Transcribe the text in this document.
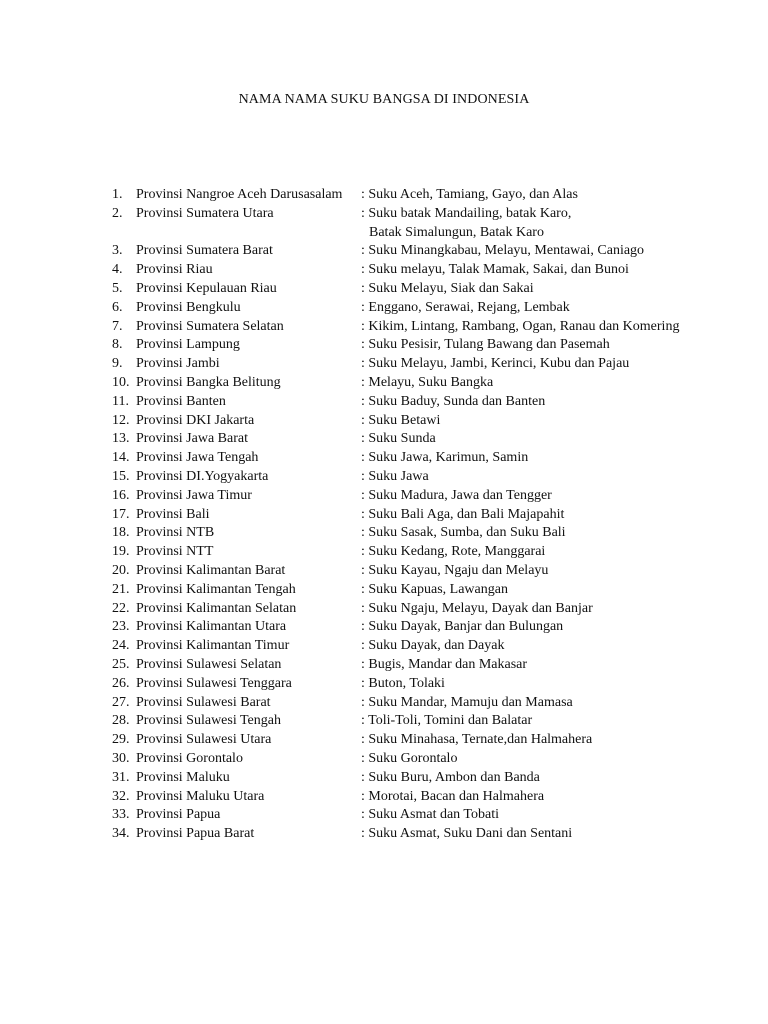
NAMA NAMA SUKU BANGSA DI INDONESIA
1. Provinsi Nangroe Aceh Darusasalam : Suku Aceh, Tamiang, Gayo, dan Alas
2. Provinsi Sumatera Utara	: Suku batak Mandailing, batak Karo,
Batak Simalungun, Batak Karo
3. Provinsi Sumatera Barat	: Suku Minangkabau, Melayu, Mentawai, Caniago
4. Provinsi Riau	: Suku melayu, Talak Mamak, Sakai, dan Bunoi
5. Provinsi Kepulauan Riau	: Suku Melayu, Siak dan Sakai
6. Provinsi Bengkulu	: Enggano, Serawai, Rejang, Lembak
7. Provinsi Sumatera Selatan	: Kikim, Lintang, Rambang, Ogan, Ranau dan Komering
8. Provinsi Lampung	: Suku Pesisir, Tulang Bawang dan Pasemah
9. Provinsi Jambi	: Suku Melayu, Jambi, Kerinci, Kubu dan Pajau
10. Provinsi Bangka Belitung	: Melayu, Suku Bangka
11. Provinsi Banten	: Suku Baduy, Sunda dan Banten
12. Provinsi DKI Jakarta	: Suku Betawi
13. Provinsi Jawa Barat	: Suku Sunda
14. Provinsi Jawa Tengah	: Suku Jawa, Karimun, Samin
15. Provinsi DI.Yogyakarta	: Suku Jawa
16. Provinsi Jawa Timur	: Suku Madura, Jawa dan Tengger
17. Provinsi Bali	: Suku Bali Aga, dan Bali Majapahit
18. Provinsi NTB	: Suku Sasak, Sumba, dan Suku Bali
19. Provinsi NTT	: Suku Kedang, Rote, Manggarai
20. Provinsi Kalimantan Barat	: Suku Kayau, Ngaju dan Melayu
21. Provinsi Kalimantan Tengah	: Suku Kapuas, Lawangan
22. Provinsi Kalimantan Selatan	: Suku Ngaju, Melayu, Dayak dan Banjar
23. Provinsi Kalimantan Utara	: Suku Dayak, Banjar dan Bulungan
24. Provinsi Kalimantan Timur	: Suku Dayak, dan Dayak
25. Provinsi Sulawesi Selatan	: Bugis, Mandar dan Makasar
26. Provinsi Sulawesi Tenggara	: Buton, Tolaki
27. Provinsi Sulawesi Barat	: Suku Mandar, Mamuju dan Mamasa
28. Provinsi Sulawesi Tengah	: Toli-Toli, Tomini dan Balatar
29. Provinsi Sulawesi Utara	: Suku Minahasa, Ternate,dan Halmahera
30. Provinsi Gorontalo	: Suku Gorontalo
31. Provinsi Maluku	: Suku Buru, Ambon dan Banda
32. Provinsi Maluku Utara	: Morotai, Bacan dan Halmahera
33. Provinsi Papua	: Suku Asmat dan Tobati
34. Provinsi Papua Barat	: Suku Asmat, Suku Dani dan Sentani
